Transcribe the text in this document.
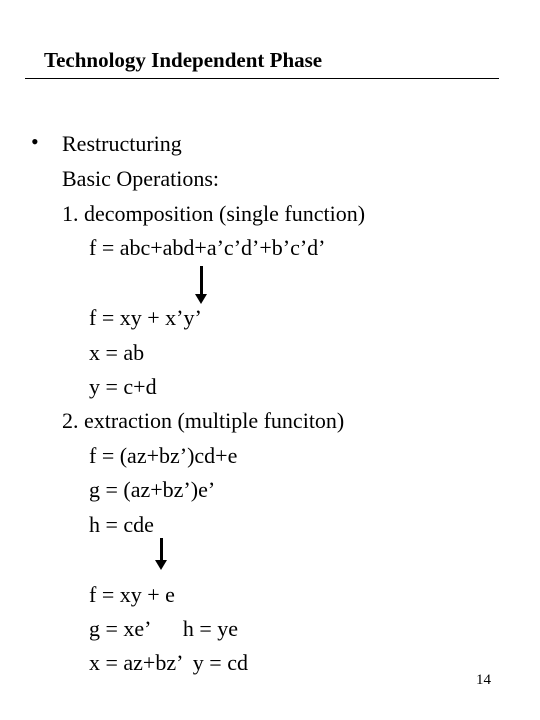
Technology Independent Phase
• Restructuring
Basic Operations:
1. decomposition (single function)
f = abc+abd+a’c’d’+b’c’d’
f = xy + x’y’
x = ab
y = c+d
2. extraction (multiple funciton)
f = (az+bz’)cd+e
g = (az+bz’)e’
h = cde
f = xy + e
g = xe’      h = ye
x = az+bz’  y = cd
14
